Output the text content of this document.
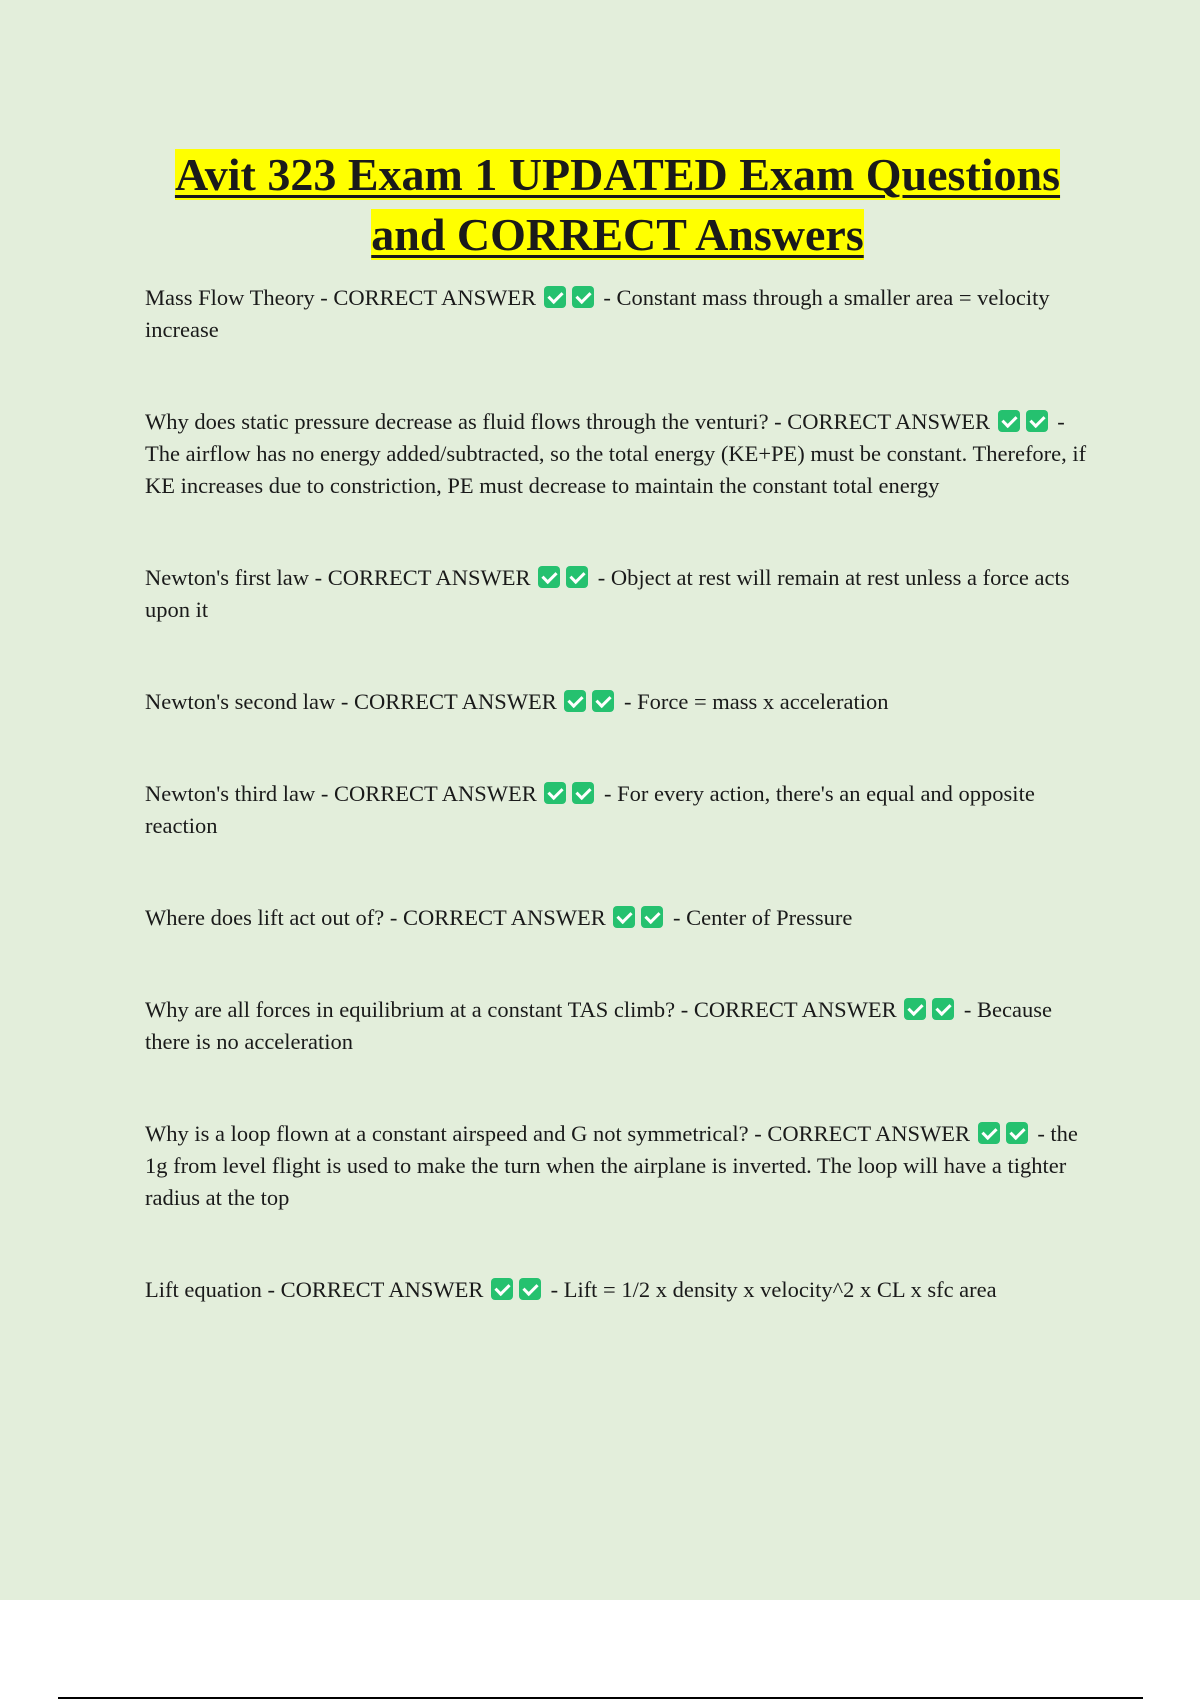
Avit 323 Exam 1 UPDATED Exam Questions
and CORRECT Answers

Mass Flow Theory - CORRECT ANSWER	- Constant mass through a smaller area = velocity increase

Why does static pressure decrease as fluid flows through the venturi? - CORRECT ANSWER	- The airflow has no energy added/subtracted, so the total energy (KE+PE) must be constant. Therefore, if KE increases due to constriction, PE must decrease to maintain the constant total energy

Newton's first law - CORRECT ANSWER	- Object at rest will remain at rest unless a force acts upon it

Newton's second law - CORRECT ANSWER	- Force = mass x acceleration

Newton's third law - CORRECT ANSWER	- For every action, there's an equal and opposite reaction

Where does lift act out of? - CORRECT ANSWER	- Center of Pressure

Why are all forces in equilibrium at a constant TAS climb? - CORRECT ANSWER	- Because there is no acceleration

Why is a loop flown at a constant airspeed and G not symmetrical? - CORRECT ANSWER	- the 1g from level flight is used to make the turn when the airplane is inverted. The loop will have a tighter radius at the top

Lift equation - CORRECT ANSWER	- Lift = 1/2 x density x velocity^2 x CL x sfc area
